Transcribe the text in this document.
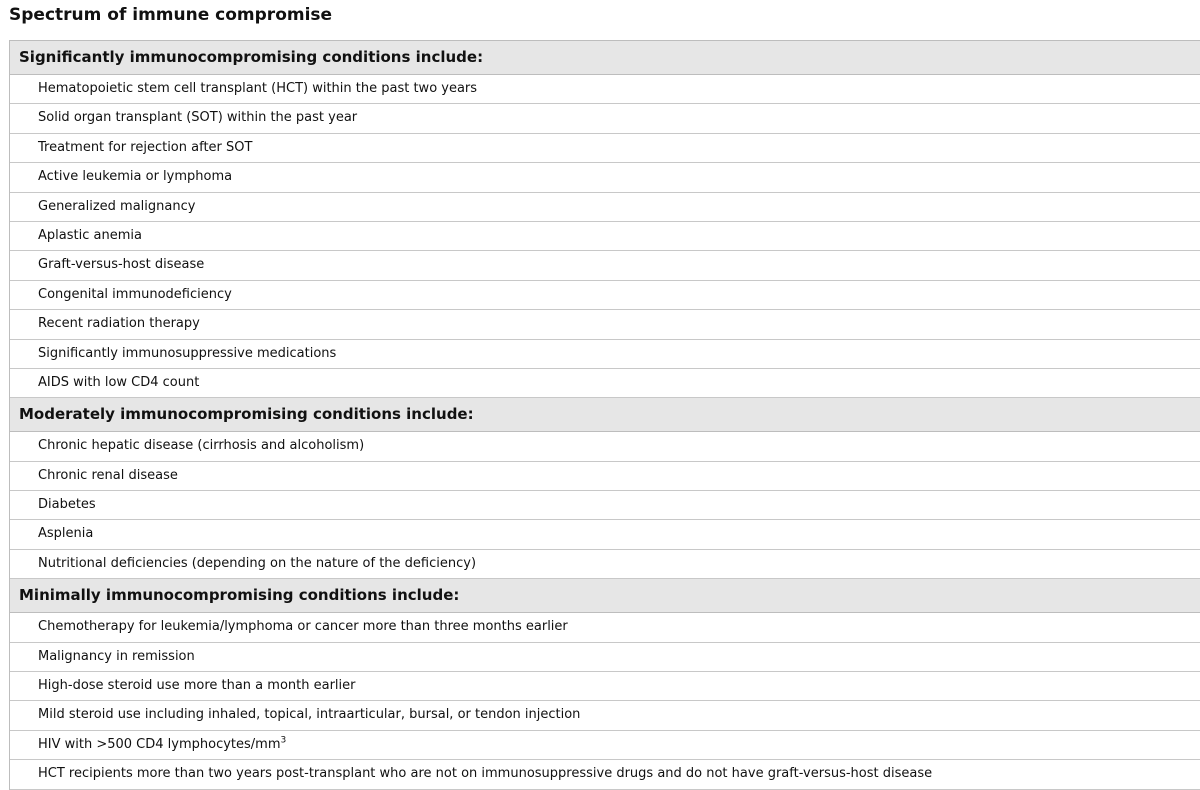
Spectrum of immune compromise
Significantly immunocompromising conditions include:
Hematopoietic stem cell transplant (HCT) within the past two years
Solid organ transplant (SOT) within the past year
Treatment for rejection after SOT
Active leukemia or lymphoma
Generalized malignancy
Aplastic anemia
Graft-versus-host disease
Congenital immunodeficiency
Recent radiation therapy
Significantly immunosuppressive medications
AIDS with low CD4 count
Moderately immunocompromising conditions include:
Chronic hepatic disease (cirrhosis and alcoholism)
Chronic renal disease
Diabetes
Asplenia
Nutritional deficiencies (depending on the nature of the deficiency)
Minimally immunocompromising conditions include:
Chemotherapy for leukemia/lymphoma or cancer more than three months earlier
Malignancy in remission
High-dose steroid use more than a month earlier
Mild steroid use including inhaled, topical, intraarticular, bursal, or tendon injection
HIV with >500 CD4 lymphocytes/$mm^3$
HCT recipients more than two years post-transplant who are not on immunosuppressive drugs and do not have graft-versus-host disease
